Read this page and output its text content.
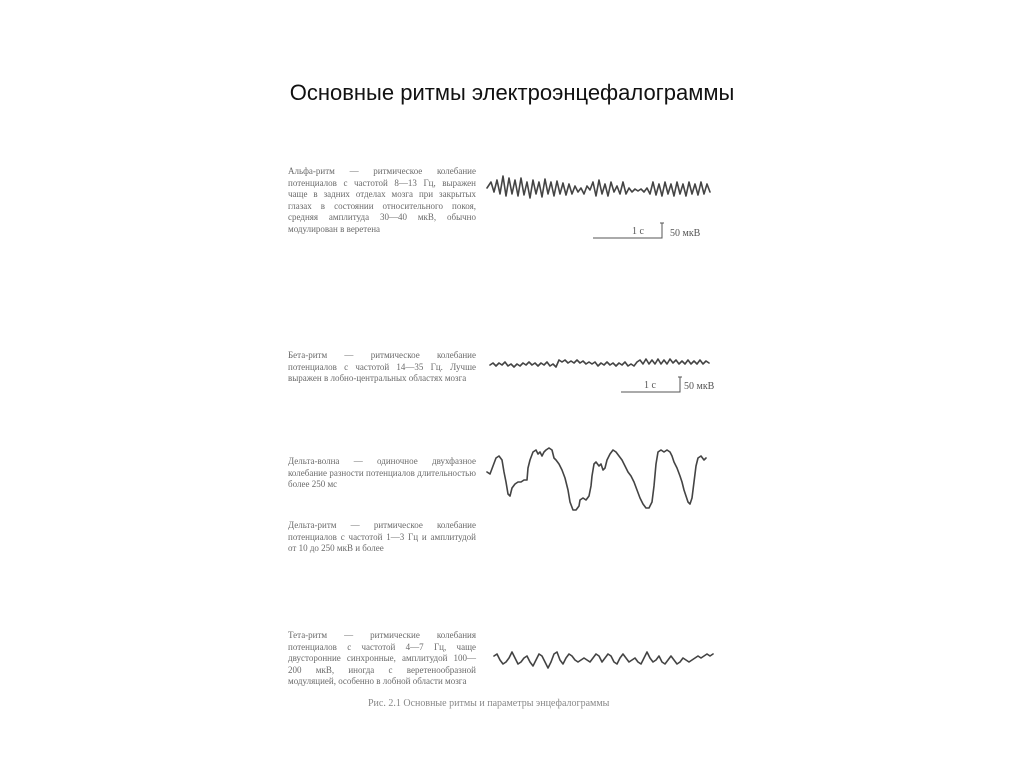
Основные ритмы электроэнцефалограммы
Альфа-ритм — ритмическое колебание потенциалов с частотой 8—13 Гц, выражен чаще в задних отделах мозга при закрытых глазах в состоянии относительного покоя, средняя амплитуда 30—40 мкВ, обычно модулирован в веретена	1 с	50 мкВ
Бета-ритм — ритмическое колебание потенциалов с частотой 14—35 Гц. Лучше выражен в лобно-центральных областях мозга
1 с	50 мкВ
Дельта-волна — одиночное двухфазное колебание разности потенциалов длительностью более 250 мс
Дельта-ритм — ритмическое колебание потенциалов с частотой 1—3 Гц и амплитудой от 10 до 250 мкВ и более
Тета-ритм — ритмические колебания потенциалов с частотой 4—7 Гц, чаще двусторонние синхронные, амплитудой 100—200 мкВ, иногда с веретенообразной модуляцией, особенно в лобной области мозга
Рис. 2.1 Основные ритмы и параметры энцефалограммы
